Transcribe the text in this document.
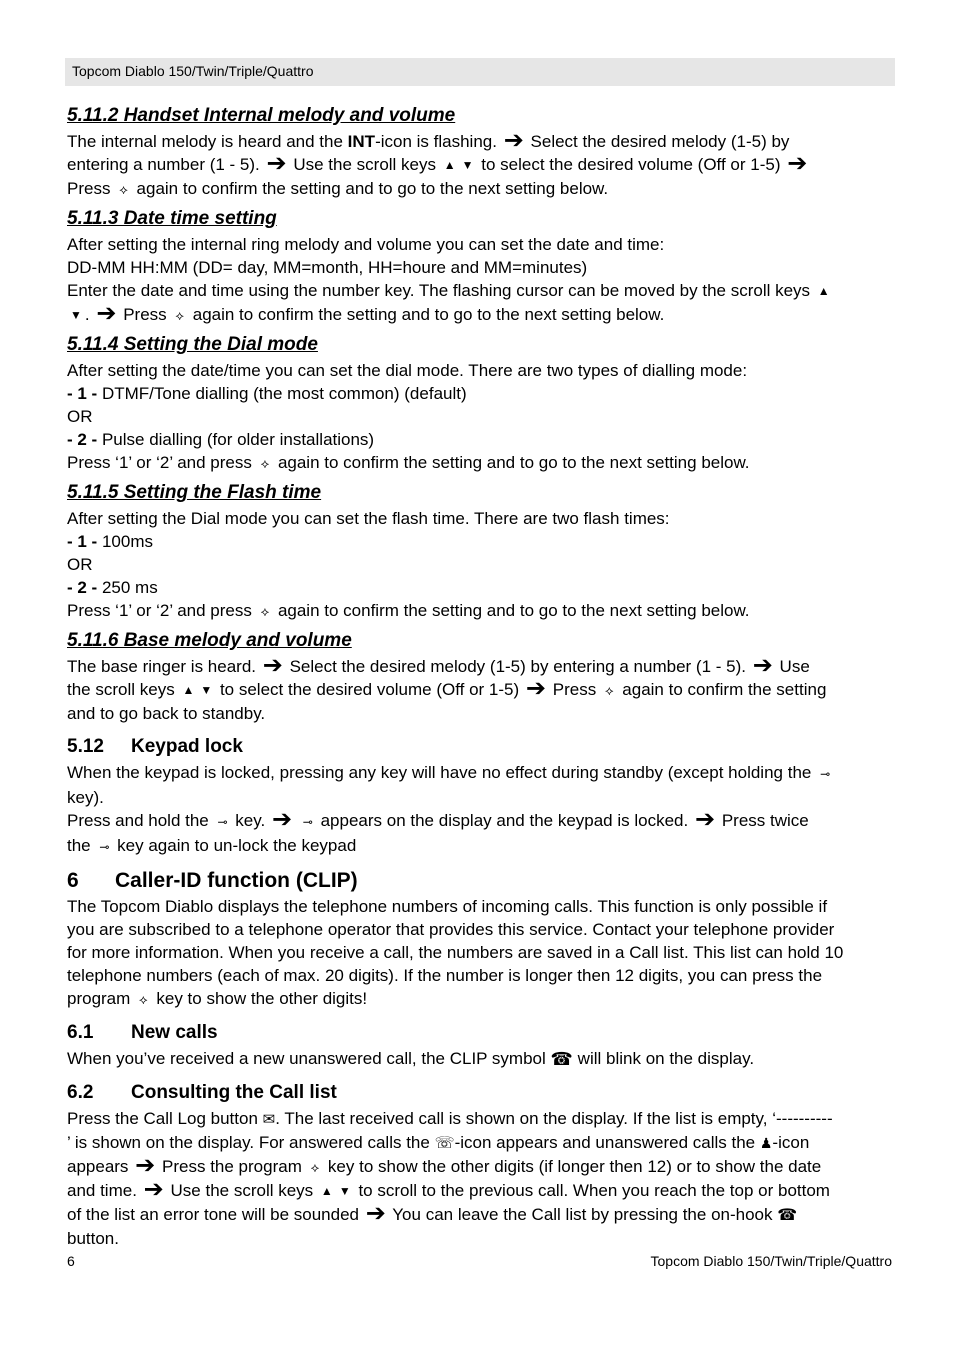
Topcom Diablo 150/Twin/Triple/Quattro
5.11.2 Handset Internal melody and volume
The internal melody is heard and the INT-icon is flashing. ➔ Select the desired melody (1-5) by
entering a number (1 - 5). ➔ Use the scroll keys ▲ ▼ to select the desired volume (Off or 1-5) ➔
Press ⟡ again to confirm the setting and to go to the next setting below.
5.11.3 Date time setting
After setting the internal ring melody and volume you can set the date and time:
DD-MM HH:MM (DD= day, MM=month, HH=houre and MM=minutes)
Enter the date and time using the number key. The flashing cursor can be moved by the scroll keys ▲
▼ . ➔ Press ⟡ again to confirm the setting and to go to the next setting below.
5.11.4 Setting the Dial mode
After setting the date/time you can set the dial mode. There are two types of dialling mode:
- 1 - DTMF/Tone dialling (the most common) (default)
OR
- 2 - Pulse dialling (for older installations)
Press ‘1’ or ‘2’ and press ⟡ again to confirm the setting and to go to the next setting below.
5.11.5 Setting the Flash time
After setting the Dial mode you can set the flash time. There are two flash times:
- 1 - 100ms
OR
- 2 - 250 ms
Press ‘1’ or ‘2’ and press ⟡ again to confirm the setting and to go to the next setting below.
5.11.6 Base melody and volume
The base ringer is heard. ➔ Select the desired melody (1-5) by entering a number (1 - 5). ➔ Use
the scroll keys ▲ ▼ to select the desired volume (Off or 1-5) ➔ Press ⟡ again to confirm the setting
and to go back to standby.
5.12 Keypad lock
When the keypad is locked, pressing any key will have no effect during standby (except holding the ⊸
key).
Press and hold the ⊸ key. ➔ ⊸ appears on the display and the keypad is locked. ➔ Press twice
the ⊸ key again to un-lock the keypad
6 Caller-ID function (CLIP)
The Topcom Diablo displays the telephone numbers of incoming calls. This function is only possible if
you are subscribed to a telephone operator that provides this service. Contact your telephone provider
for more information. When you receive a call, the numbers are saved in a Call list. This list can hold 10
telephone numbers (each of max. 20 digits). If the number is longer then 12 digits, you can press the
program ⟡ key to show the other digits!
6.1 New calls
When you’ve received a new unanswered call, the CLIP symbol ☎ will blink on the display.
6.2 Consulting the Call list
Press the Call Log button ✉. The last received call is shown on the display. If the list is empty, ‘----------
’ is shown on the display. For answered calls the ☏-icon appears and unanswered calls the ♟-icon
appears ➔ Press the program ⟡ key to show the other digits (if longer then 12) or to show the date
and time. ➔ Use the scroll keys ▲ ▼ to scroll to the previous call. When you reach the top or bottom
of the list an error tone will be sounded ➔ You can leave the Call list by pressing the on-hook ☎
button.
6	Topcom Diablo 150/Twin/Triple/Quattro
